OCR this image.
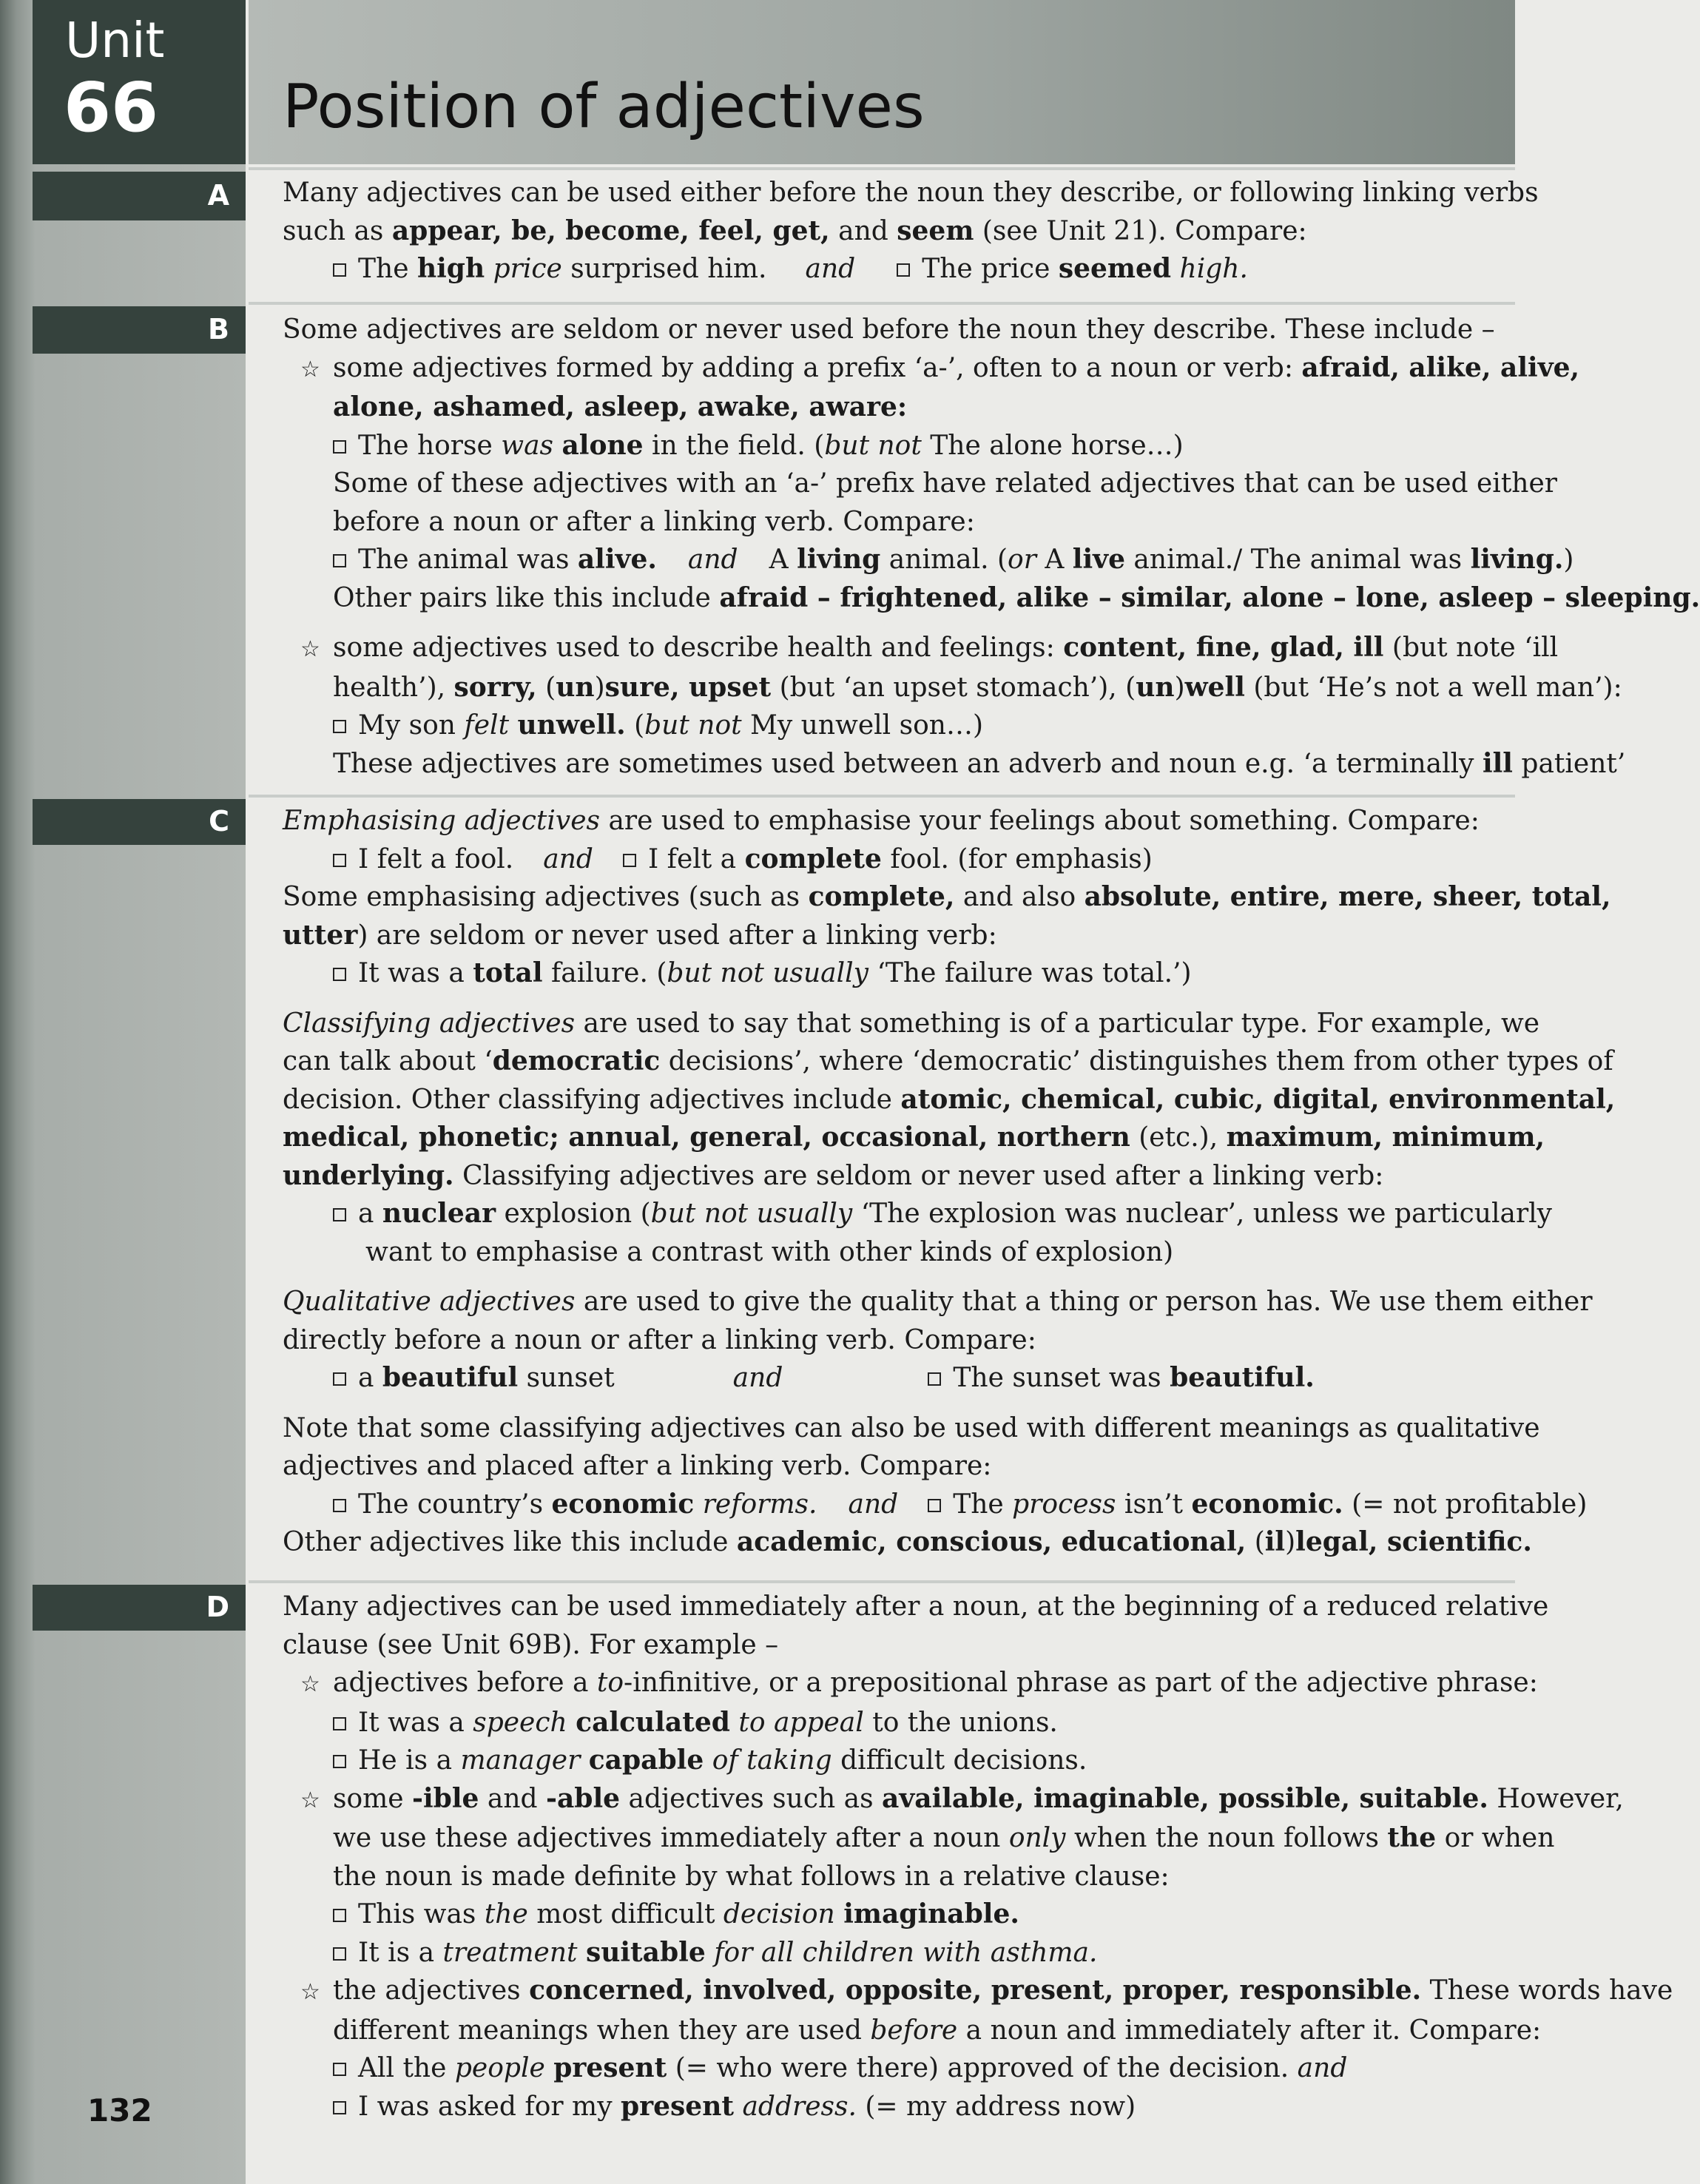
Unit

66 Position of adjectives
A
B
C
D
132
Many adjectives can be used either before the noun they describe, or following linking verbs
such as appear, be, become, feel, get, and seem (see Unit 21). Compare:
The high price surprised him. and	The price seemed high.
Some adjectives are seldom or never used before the noun they describe. These include –
☆ some adjectives formed by adding a prefix ‘a-’, often to a noun or verb: afraid, alike, alive,
alone, ashamed, asleep, awake, aware:
The horse was alone in the field. (but not The alone horse…)
Some of these adjectives with an ‘a-’ prefix have related adjectives that can be used either
before a noun or after a linking verb. Compare:
The animal was alive. and A living animal. (or A live animal./ The animal was living.)
Other pairs like this include afraid – frightened, alike – similar, alone – lone, asleep – sleeping.
☆ some adjectives used to describe health and feelings: content, fine, glad, ill (but note ‘ill
health’), sorry, (un)sure, upset (but ‘an upset stomach’), (un)well (but ‘He’s not a well man’):
My son felt unwell. (but not My unwell son…)
These adjectives are sometimes used between an adverb and noun e.g. ‘a terminally ill patient’
Emphasising adjectives are used to emphasise your feelings about something. Compare:
I felt a fool. and I felt a complete fool. (for emphasis)
Some emphasising adjectives (such as complete, and also absolute, entire, mere, sheer, total,
utter) are seldom or never used after a linking verb:
It was a total failure. (but not usually ‘The failure was total.’)
Classifying adjectives are used to say that something is of a particular type. For example, we
can talk about ‘democratic decisions’, where ‘democratic’ distinguishes them from other types of
decision. Other classifying adjectives include atomic, chemical, cubic, digital, environmental,
medical, phonetic; annual, general, occasional, northern (etc.), maximum, minimum,
underlying. Classifying adjectives are seldom or never used after a linking verb:
a nuclear explosion (but not usually ‘The explosion was nuclear’, unless we particularly
want to emphasise a contrast with other kinds of explosion)
Qualitative adjectives are used to give the quality that a thing or person has. We use them either
directly before a noun or after a linking verb. Compare:
a beautiful sunset	and	The sunset was beautiful.
Note that some classifying adjectives can also be used with different meanings as qualitative
adjectives and placed after a linking verb. Compare:
The country’s economic reforms. and The process isn’t economic. (= not profitable)
Other adjectives like this include academic, conscious, educational, (il)legal, scientific.
Many adjectives can be used immediately after a noun, at the beginning of a reduced relative
clause (see Unit 69B). For example –
☆ adjectives before a to-infinitive, or a prepositional phrase as part of the adjective phrase:
It was a speech calculated to appeal to the unions.
He is a manager capable of taking difficult decisions.
☆ some -ible and -able adjectives such as available, imaginable, possible, suitable. However,
we use these adjectives immediately after a noun only when the noun follows the or when
the noun is made definite by what follows in a relative clause:
This was the most difficult decision imaginable.
It is a treatment suitable for all children with asthma.
☆ the adjectives concerned, involved, opposite, present, proper, responsible. These words have
different meanings when they are used before a noun and immediately after it. Compare:
All the people present (= who were there) approved of the decision. and
I was asked for my present address. (= my address now)
